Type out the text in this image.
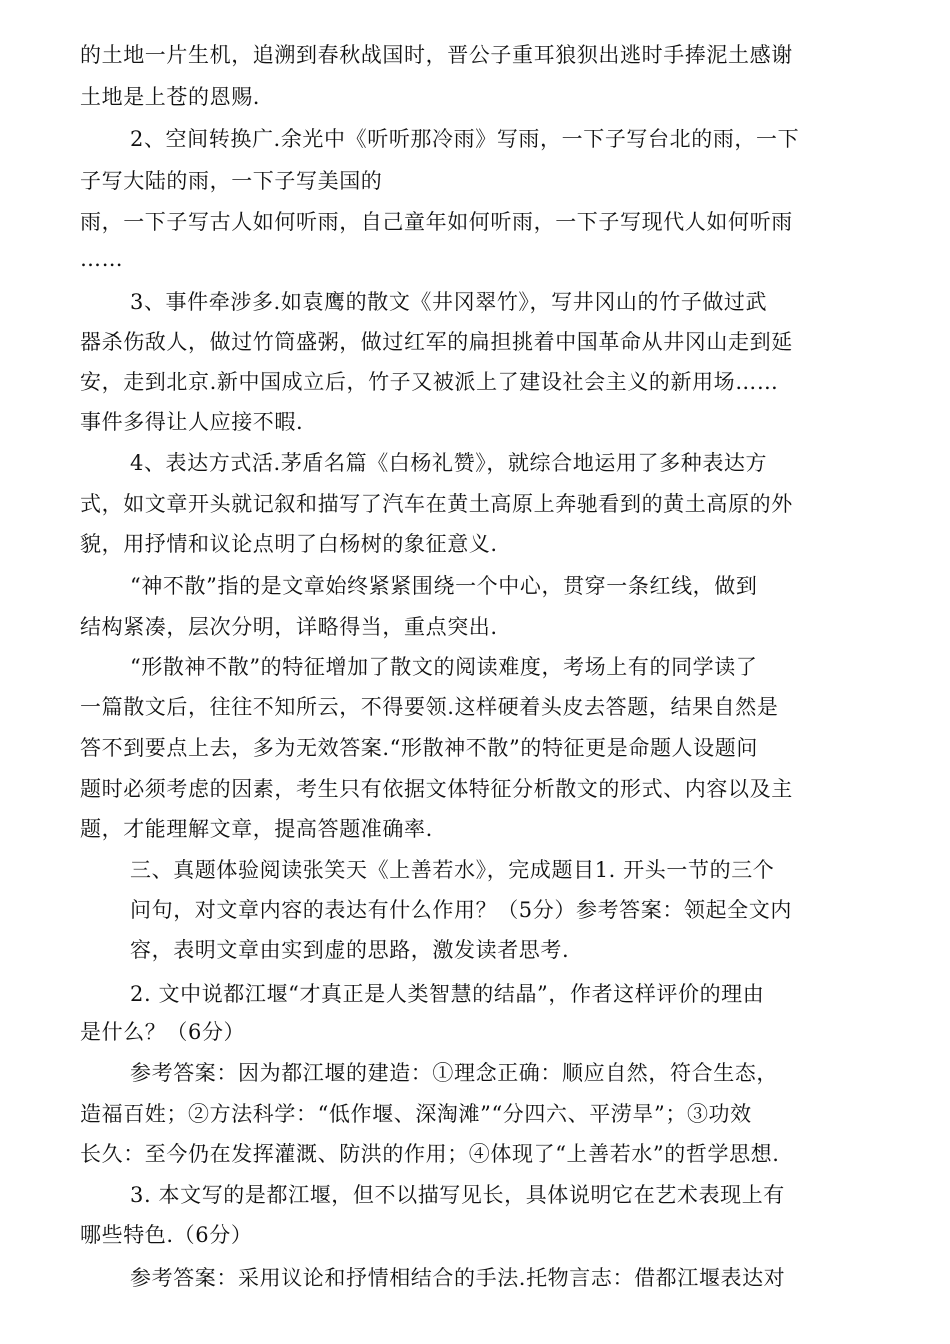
的土地一片生机，追溯到春秋战国时，晋公子重耳狼狈出逃时手捧泥土感谢
土地是上苍的恩赐.
2、空间转换广.余光中《听听那冷雨》写雨，一下子写台北的雨，一下
子写大陆的雨，一下子写美国的
雨，一下子写古人如何听雨，自己童年如何听雨，一下子写现代人如何听雨
……
3、事件牵涉多.如袁鹰的散文《井冈翠竹》，写井冈山的竹子做过武
器杀伤敌人，做过竹筒盛粥，做过红军的扁担挑着中国革命从井冈山走到延
安，走到北京.新中国成立后，竹子又被派上了建设社会主义的新用场……
事件多得让人应接不暇.
4、表达方式活.茅盾名篇《白杨礼赞》，就综合地运用了多种表达方
式，如文章开头就记叙和描写了汽车在黄土高原上奔驰看到的黄土高原的外
貌，用抒情和议论点明了白杨树的象征意义.
“神不散”指的是文章始终紧紧围绕一个中心，贯穿一条红线，做到
结构紧凑，层次分明，详略得当，重点突出.
“形散神不散”的特征增加了散文的阅读难度，考场上有的同学读了
一篇散文后，往往不知所云，不得要领.这样硬着头皮去答题，结果自然是
答不到要点上去，多为无效答案.“形散神不散”的特征更是命题人设题问
题时必须考虑的因素，考生只有依据文体特征分析散文的形式、内容以及主
题，才能理解文章，提高答题准确率.
三、真题体验阅读张笑天《上善若水》，完成题目1. 开头一节的三个
问句，对文章内容的表达有什么作用？（5分）参考答案：领起全文内
容，表明文章由实到虚的思路，激发读者思考.
2. 文中说都江堰“才真正是人类智慧的结晶”，作者这样评价的理由
是什么？（6分）
参考答案：因为都江堰的建造：①理念正确：顺应自然，符合生态，
造福百姓；②方法科学：“低作堰、深淘滩”“分四六、平涝旱”；③功效
长久：至今仍在发挥灌溉、防洪的作用；④体现了“上善若水”的哲学思想.
3. 本文写的是都江堰，但不以描写见长，具体说明它在艺术表现上有
哪些特色.（6分）
参考答案：采用议论和抒情相结合的手法.托物言志：借都江堰表达对
